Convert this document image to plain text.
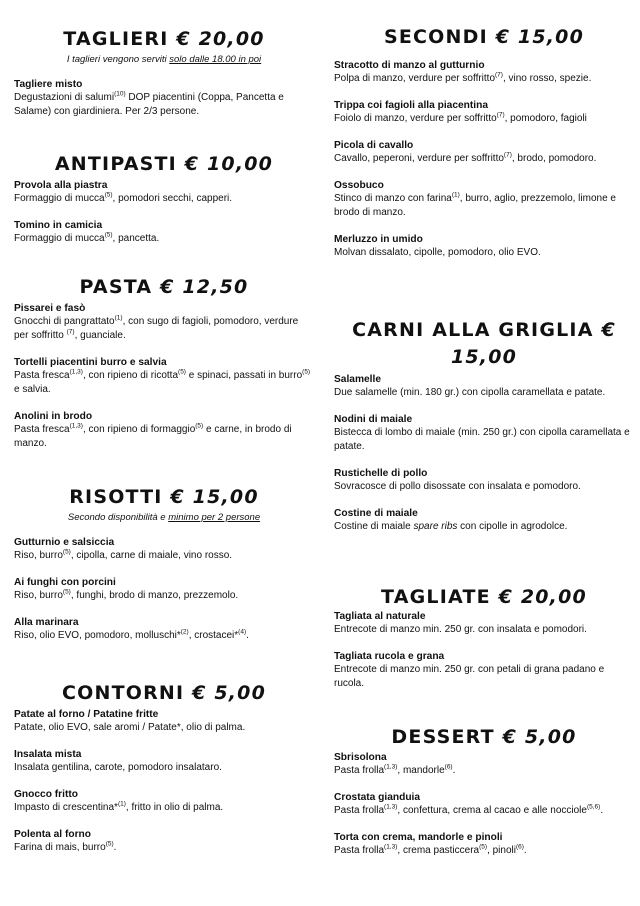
TAGLIERI € 20,00
I taglieri vengono serviti solo dalle 18.00 in poi
Tagliere misto
Degustazioni di salumi$^{(10)}$ DOP piacentini (Coppa, Pancetta e Salame) con giardiniera. Per 2/3 persone.
ANTIPASTI € 10,00
Provola alla piastra
Formaggio di mucca$^{(5)}$, pomodori secchi, capperi.
Tomino in camicia
Formaggio di mucca$^{(5)}$, pancetta.
PASTA € 12,50
Pissarei e fasò
Gnocchi di pangrattato$^{(1)}$, con sugo di fagioli, pomodoro, verdure per soffritto $^{(7)}$, guanciale.
Tortelli piacentini burro e salvia
Pasta fresca$^{(1,3)}$, con ripieno di ricotta$^{(5)}$ e spinaci, passati in burro$^{(5)}$ e salvia.
Anolini in brodo
Pasta fresca$^{(1,3)}$, con ripieno di formaggio$^{(5)}$ e carne, in brodo di manzo.
RISOTTI € 15,00
Secondo disponibilità e minimo per 2 persone
Gutturnio e salsiccia
Riso, burro$^{(5)}$, cipolla, carne di maiale, vino rosso.
Ai funghi con porcini
Riso, burro$^{(5)}$, funghi, brodo di manzo, prezzemolo.
Alla marinara
Riso, olio EVO, pomodoro, molluschi*$^{(2)}$, crostacei*$^{(4)}$.
CONTORNI € 5,00
Patate al forno / Patatine fritte
Patate, olio EVO, sale aromi / Patate*, olio di palma.
Insalata mista
Insalata gentilina, carote, pomodoro insalataro.
Gnocco fritto
Impasto di crescentina*$^{(1)}$, fritto in olio di palma.
Polenta al forno
Farina di mais, burro$^{(5)}$.
SECONDI € 15,00
Stracotto di manzo al gutturnio
Polpa di manzo, verdure per soffritto$^{(7)}$, vino rosso, spezie.
Trippa coi fagioli alla piacentina
Foiolo di manzo, verdure per soffritto$^{(7)}$, pomodoro, fagioli
Picola di cavallo
Cavallo, peperoni, verdure per soffritto$^{(7)}$, brodo, pomodoro.
Ossobuco
Stinco di manzo con farina$^{(1)}$, burro, aglio, prezzemolo, limone e brodo di manzo.
Merluzzo in umido
Molvan dissalato, cipolle, pomodoro, olio EVO.
CARNI ALLA GRIGLIA € 15,00
Salamelle
Due salamelle (min. 180 gr.) con cipolla caramellata e patate.
Nodini di maiale
Bistecca di lombo di maiale (min. 250 gr.) con cipolla caramellata e patate.
Rustichelle di pollo
Sovracosce di pollo disossate con insalata e pomodoro.
Costine di maiale
Costine di maiale spare ribs con cipolle in agrodolce.
TAGLIATE € 20,00
Tagliata al naturale
Entrecote di manzo min. 250 gr. con insalata e pomodori.
Tagliata rucola e grana
Entrecote di manzo min. 250 gr. con petali di grana padano e rucola.
DESSERT € 5,00
Sbrisolona
Pasta frolla$^{(1,3)}$, mandorle$^{(6)}$.
Crostata gianduia
Pasta frolla$^{(1,3)}$, confettura, crema al cacao e alle nocciole$^{(5,6)}$.
Torta con crema, mandorle e pinoli
Pasta frolla$^{(1,3)}$, crema pasticcera$^{(5)}$, pinoli$^{(6)}$.
